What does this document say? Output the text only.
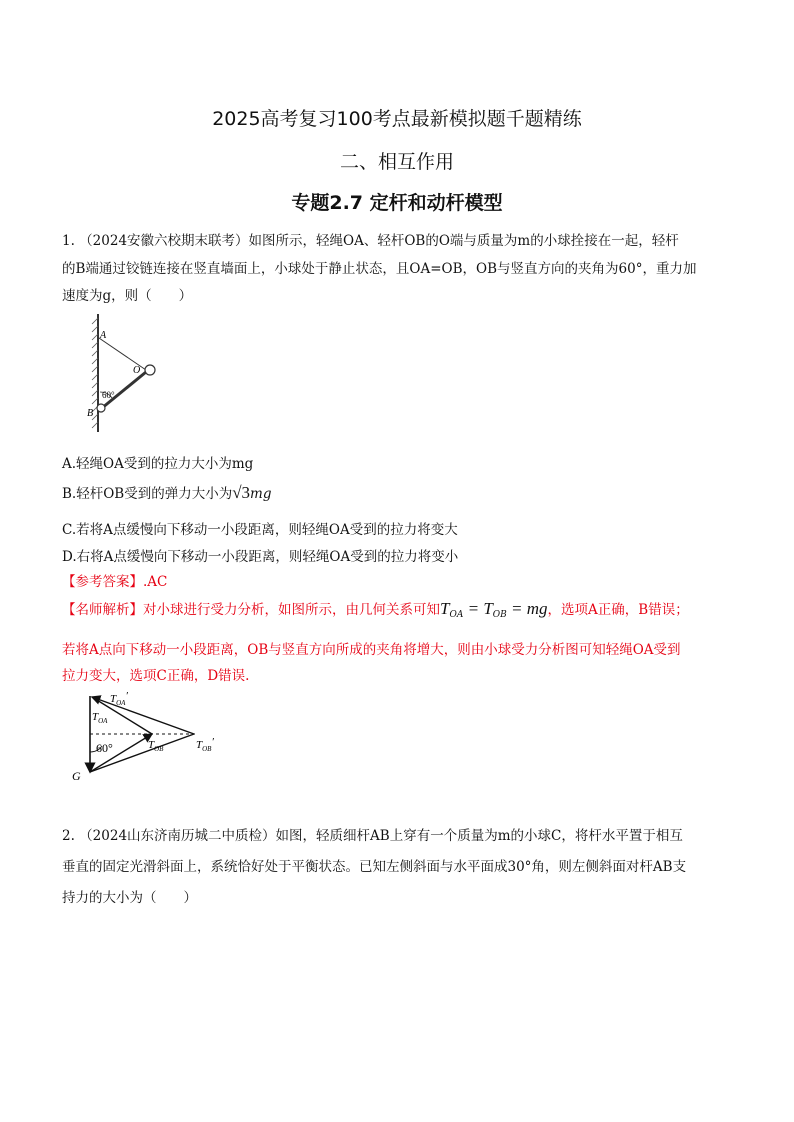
2025高考复习100考点最新模拟题千题精练
二、相互作用
专题2.7 定杆和动杆模型
1. （2024安徽六校期末联考）如图所示，轻绳OA、轻杆OB的O端与质量为m的小球拴接在一起，轻杆
的B端通过铰链连接在竖直墙面上，小球处于静止状态，且OA=OB，OB与竖直方向的夹角为60°，重力加
速度为g，则（　　）
A
O
B
60°
A.轻绳OA受到的拉力大小为mg
B.轻杆OB受到的弹力大小为√3mg
C.若将A点缓慢向下移动一小段距离，则轻绳OA受到的拉力将变大
D.右将A点缓慢向下移动一小段距离，则轻绳OA受到的拉力将变小
【参考答案】.AC
【名师解析】对小球进行受力分析，如图所示，由几何关系可知$T_{OA} = T_{OB}$ = mg，选项A正确，B错误；
若将A点向下移动一小段距离，OB与竖直方向所成的夹角将增大，则由小球受力分析图可知轻绳OA受到
拉力变大，选项C正确，D错误.
$T_{OA}'$
$T_{OA}$
$T_{OB}$	$T_{OB}'$
60°
G
2. （2024山东济南历城二中质检）如图，轻质细杆AB上穿有一个质量为m的小球C，将杆水平置于相互
垂直的固定光滑斜面上，系统恰好处于平衡状态。已知左侧斜面与水平面成30°角，则左侧斜面对杆AB支
持力的大小为（　　）
